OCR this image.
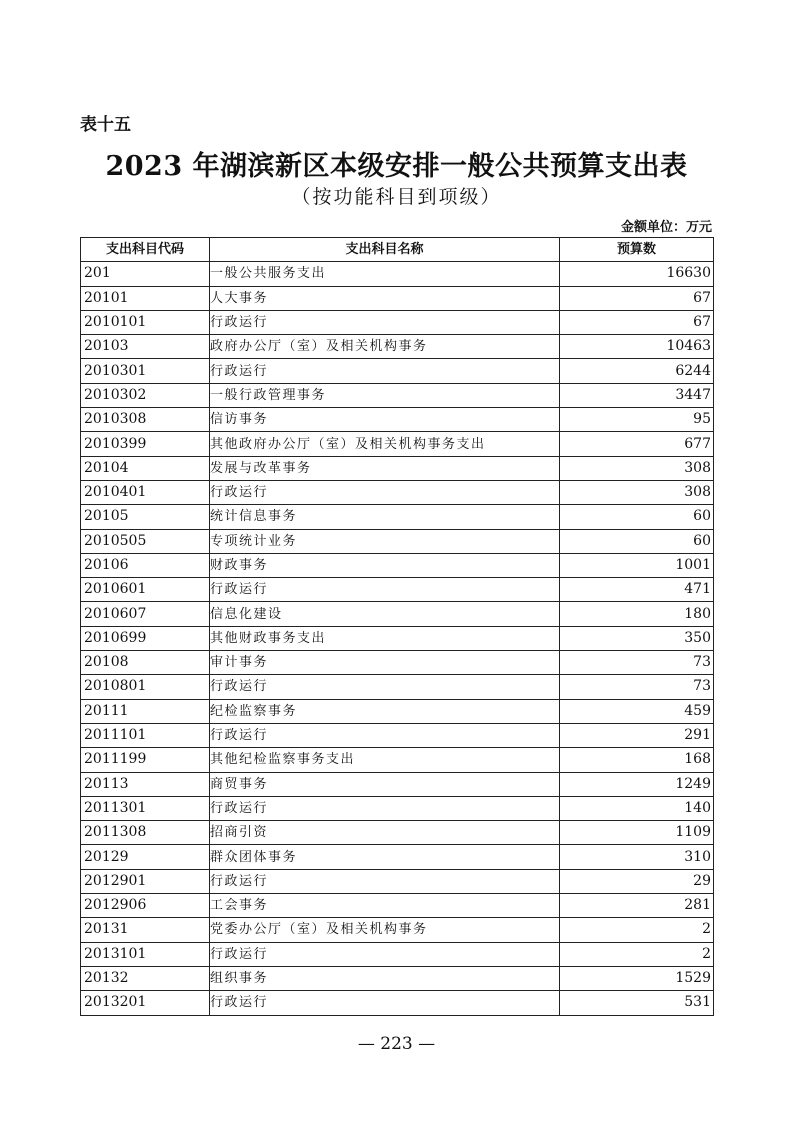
表十五
2023 年湖滨新区本级安排一般公共预算支出表
（按功能科目到项级）
金额单位：万元
支出科目代码	支出科目名称	预算数
201	一般公共服务支出	16630
20101	人大事务	67
2010101	行政运行	67
20103	政府办公厅（室）及相关机构事务	10463
2010301	行政运行	6244
2010302	一般行政管理事务	3447
2010308	信访事务	95
2010399	其他政府办公厅（室）及相关机构事务支出	677
20104	发展与改革事务	308
2010401	行政运行	308
20105	统计信息事务	60
2010505	专项统计业务	60
20106	财政事务	1001
2010601	行政运行	471
2010607	信息化建设	180
2010699	其他财政事务支出	350
20108	审计事务	73
2010801	行政运行	73
20111	纪检监察事务	459
2011101	行政运行	291
2011199	其他纪检监察事务支出	168
20113	商贸事务	1249
2011301	行政运行	140
2011308	招商引资	1109
20129	群众团体事务	310
2012901	行政运行	29
2012906	工会事务	281
20131	党委办公厅（室）及相关机构事务	2
2013101	行政运行	2
20132	组织事务	1529
2013201	行政运行	531
— 223 —
